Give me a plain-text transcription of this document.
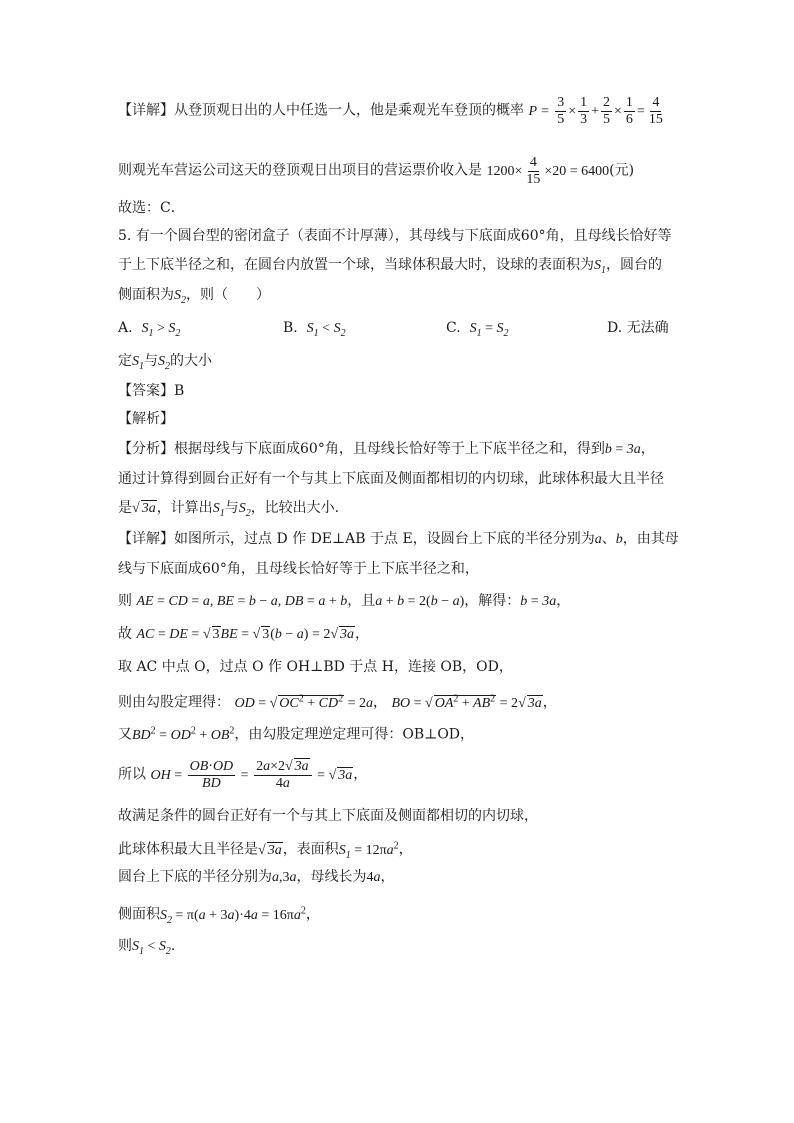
【详解】从登顶观日出的人中任选一人，他是乘观光车登顶的概率 $P = \frac{3}{5} \times \frac{1}{3} + \frac{2}{5} \times \frac{1}{6} = \frac{4}{15}$
则观光车营运公司这天的登顶观日出项目的营运票价收入是 $1200\times \frac{4}{15} \times 20 = 6400$(元)
故选：C．
5. 有一个圆台型的密闭盒子（表面不计厚薄），其母线与下底面成60°角，且母线长恰好等
于上下底半径之和，在圆台内放置一个球，当球体积最大时，设球的表面积为$S_1$，圆台的
侧面积为$S_2$，则（　　）
A. $S_1 > S_2$	B. $S_1 < S_2$	C. $S_1 = S_2$	D. 无法确
定$S_1$与$S_2$的大小
【答案】B
【解析】
【分析】根据母线与下底面成60°角，且母线长恰好等于上下底半径之和，得到b = 3a，
通过计算得到圆台正好有一个与其上下底面及侧面都相切的内切球，此球体积最大且半径
是√ 3a，计算出$S_1$与$S_2$，比较出大小.
【详解】如图所示，过点 D 作 DE⊥AB 于点 E，设圆台上下底的半径分别为a、b，由其母
线与下底面成60°角，且母线长恰好等于上下底半径之和，
则 AE = CD = a, BE = b − a, DB = a + b，且a + b = 2(b − a)，解得：b = 3a，
故 AC = DE = √ 3BE = √ 3(b − a) = 2√ 3a，
取 AC 中点 O，过点 O 作 OH⊥BD 于点 H，连接 OB，OD，
则由勾股定理得： OD = √ $OC^2 + CD^2 = 2a$， BO = √ $OA^2 + AB^2 = 2√$ 3a，
又$BD^2 = OD^2 + OB^2$，由勾股定理逆定理可得：OB⊥OD，
所以 OH = $\frac{OB\cdot OD}{BD} = \frac{2a\times 2√ 3a}{4a}$ = √ 3a，
故满足条件的圆台正好有一个与其上下底面及侧面都相切的内切球，
此球体积最大且半径是√ 3a，表面积$S_1 = 12\pi a^2$，
圆台上下底的半径分别为a,3a，母线长为4a，
侧面积$S_2 = \pi(a + 3a)\cdot 4a = 16\pi a^2$，
则$S_1 < S_2$.
